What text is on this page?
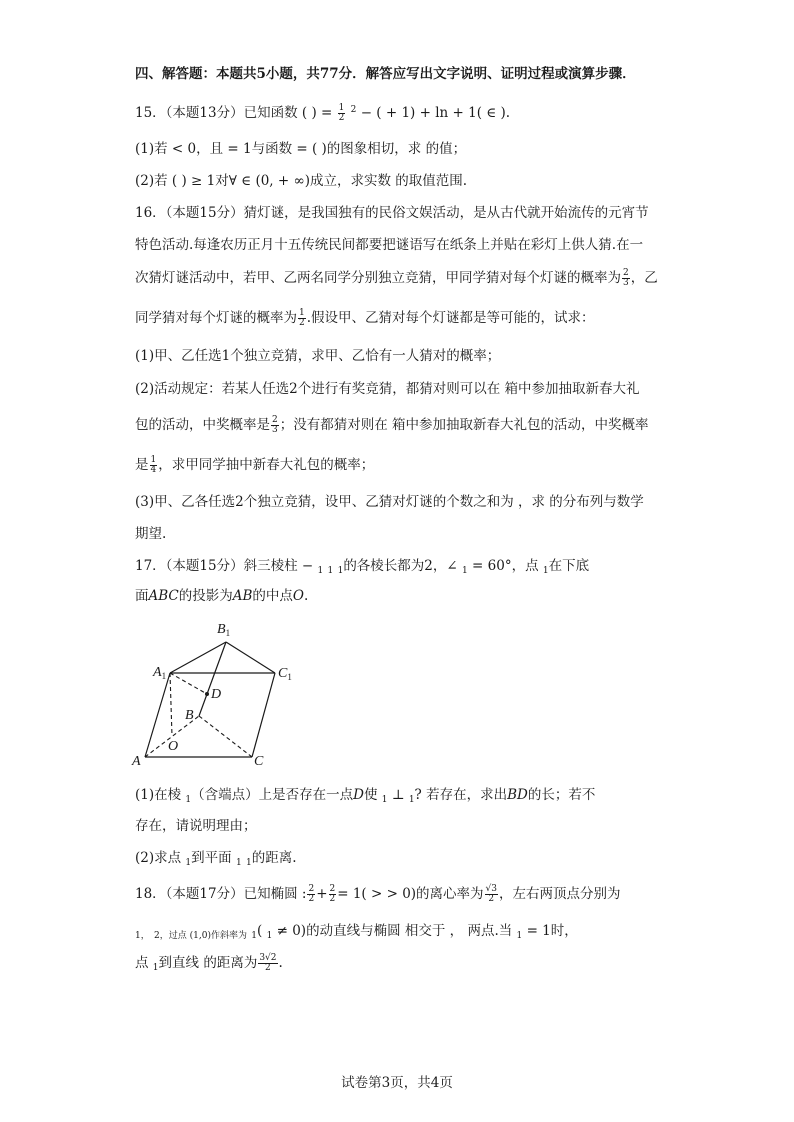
四、解答题：本题共5小题，共77分．解答应写出文字说明、证明过程或演算步骤．
15．（本题13分）已知函数 ( ) = $\frac{1}{2} ^2$ − ( + 1) + ln + 1( ∈ ).
(1)若 < 0，且 = 1与函数 = ( )的图象相切，求 的值；
(2)若 ( ) ≥ 1对∀ ∈ (0, + ∞)成立，求实数 的取值范围.
16．（本题15分）猜灯谜，是我国独有的民俗文娱活动，是从古代就开始流传的元宵节
特色活动.每逢农历正月十五传统民间都要把谜语写在纸条上并贴在彩灯上供人猜.在一
次猜灯谜活动中，若甲、乙两名同学分别独立竞猜，甲同学猜对每个灯谜的概率为 $\frac{2}{3}$ ，乙
同学猜对每个灯谜的概率为 $\frac{1}{2}$ .假设甲、乙猜对每个灯谜都是等可能的，试求：
(1)甲、乙任选1个独立竞猜，求甲、乙恰有一人猜对的概率；
(2)活动规定：若某人任选2个进行有奖竞猜，都猜对则可以在 箱中参加抽取新春大礼
包的活动，中奖概率是 $\frac{2}{3}$ ；没有都猜对则在 箱中参加抽取新春大礼包的活动，中奖概率
是 $\frac{1}{4}$ ，求甲同学抽中新春大礼包的概率；
(3)甲、乙各任选2个独立竞猜，设甲、乙猜对灯谜的个数之和为 ，求 的分布列与数学
期望.
17．（本题15分）斜三棱柱 − $_1$ $_1$ $_1$的各棱长都为2，∠ $_1$ = 60°，点 $_1$在下底
面ABC的投影为AB的中点O.
$B_1$
$A_1$	$C_1$
D
B
O
A	C
(1)在棱 $_1$（含端点）上是否存在一点D使 $_1$ ⊥ $_1$? 若存在，求出BD的长；若不
存在，请说明理由；
(2)求点 $_1$到平面 $_1$ $_1$的距离.
18．（本题17分）已知椭圆 : $\frac{2}{2} + \frac{2}{2} = 1$( > > 0)的离心率为 $\frac{√3}{2}$ ，左右两顶点分别为
$_{1,}$ $_{2,过点 (1,0)作斜率为}$ $_1$( $_1$ ≠ 0)的动直线与椭圆 相交于 ， 两点.当 $_1$ = 1时，
点 $_1$到直线 的距离为 $\frac{3√2}{2}$ .
试卷第3页，共4页
